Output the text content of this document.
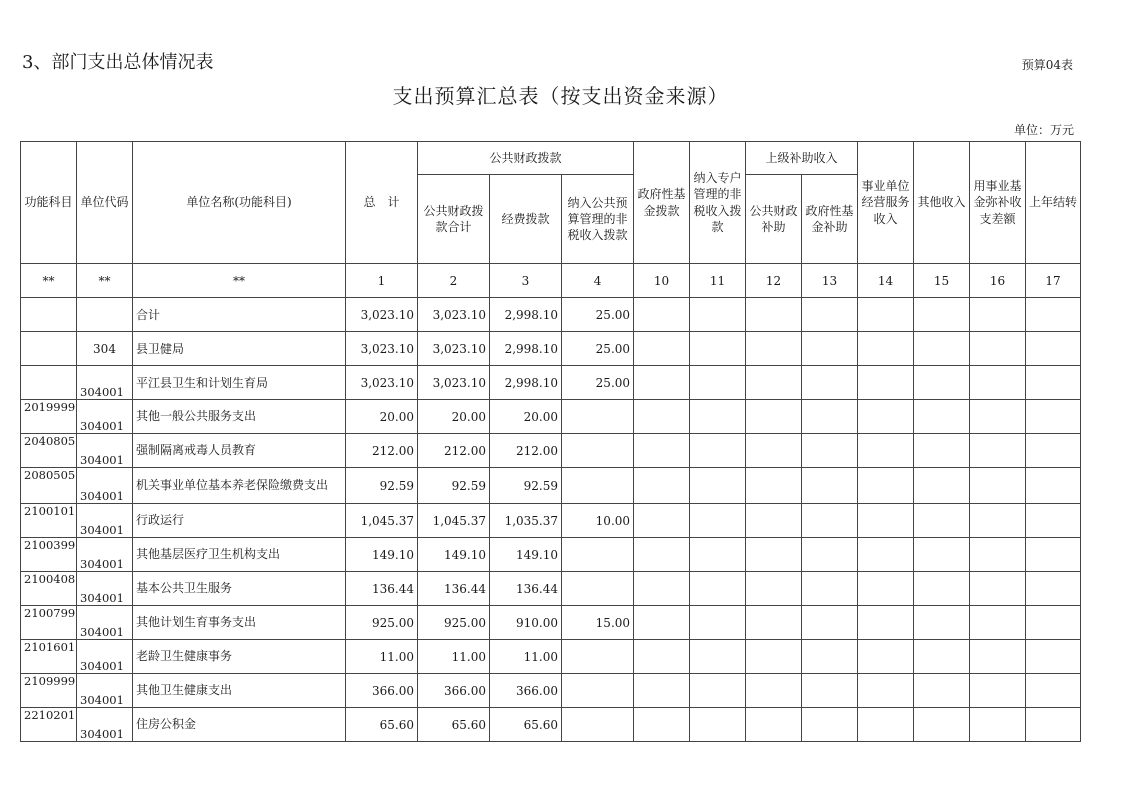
3、部门支出总体情况表	预算04表
支出预算汇总表（按支出资金来源）
单位：万元
功能科目	单位代码	单位名称(功能科目)	总　计	公共财政拨款			政府性基金拨款	纳入专户管理的非税收入拨款	上级补助收入		事业单位经营服务收入	其他收入	用事业基金弥补收支差额	上年结转
				公共财政拨款合计	经费拨款	纳入公共预算管理的非税收入拨款			公共财政补助	政府性基金补助				
**	**	**	1	2	3	4	10	11	12	13	14	15	16	17
		合计	3,023.10	3,023.10	2,998.10	25.00								
	304	县卫健局	3,023.10	3,023.10	2,998.10	25.00								
	304001	平江县卫生和计划生育局	3,023.10	3,023.10	2,998.10	25.00								
2019999	304001	其他一般公共服务支出	20.00	20.00	20.00									
2040805	304001	强制隔离戒毒人员教育	212.00	212.00	212.00									
2080505	304001	机关事业单位基本养老保险缴费支出	92.59	92.59	92.59									
2100101	304001	行政运行	1,045.37	1,045.37	1,035.37	10.00								
2100399	304001	其他基层医疗卫生机构支出	149.10	149.10	149.10									
2100408	304001	基本公共卫生服务	136.44	136.44	136.44									
2100799	304001	其他计划生育事务支出	925.00	925.00	910.00	15.00								
2101601	304001	老龄卫生健康事务	11.00	11.00	11.00									
2109999	304001	其他卫生健康支出	366.00	366.00	366.00									
2210201	304001	住房公积金	65.60	65.60	65.60									
